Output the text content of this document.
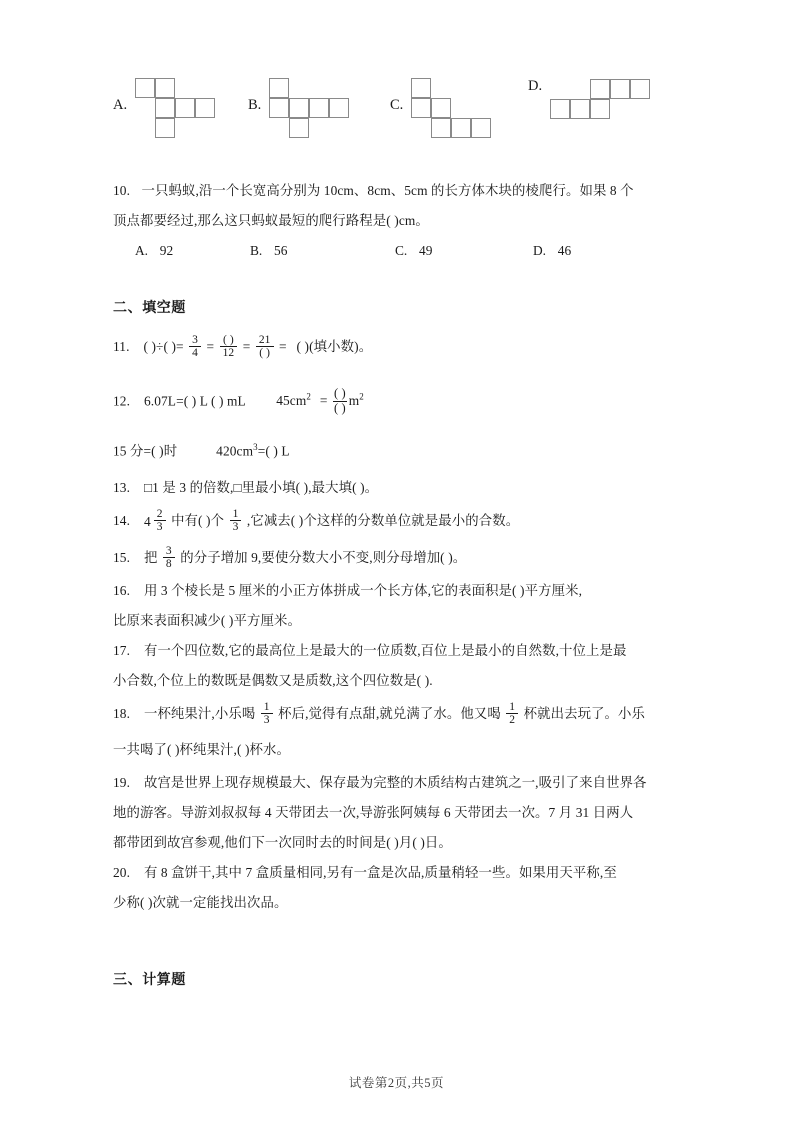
A.	B.	C.
D.
10. 一只蚂蚁,沿一个长宽高分别为 10cm、8cm、5cm 的长方体木块的棱爬行。如果 8 个
顶点都要经过,那么这只蚂蚁最短的爬行路程是( )cm。
A. 92	B. 56	C. 49	D. 46
二、填空题
11. ( )÷( )= $\frac{3}{4} = \frac{( )}{12} = \frac{21}{( )}$ = ( )(填小数)。
12. 6.07L=( ) L ( ) mL $45cm^2 = \frac{( )}{( )} m^2$
15 分=( )时	$420cm^3=$( ) L
13. □1 是 3 的倍数,□里最小填( ),最大填( )。
14. $4 \frac{2}{3}$ 中有( )个 $\frac{1}{3}$ ,它减去( )个这样的分数单位就是最小的合数。
15. 把 $\frac{3}{8}$ 的分子增加 9,要使分数大小不变,则分母增加( )。
16. 用 3 个棱长是 5 厘米的小正方体拼成一个长方体,它的表面积是( )平方厘米,
比原来表面积减少( )平方厘米。
17. 有一个四位数,它的最高位上是最大的一位质数,百位上是最小的自然数,十位上是最
小合数,个位上的数既是偶数又是质数,这个四位数是( ).
18. 一杯纯果汁,小乐喝 $\frac{1}{3}$ 杯后,觉得有点甜,就兑满了水。他又喝 $\frac{1}{2}$ 杯就出去玩了。小乐
一共喝了( )杯纯果汁,( )杯水。
19. 故宫是世界上现存规模最大、保存最为完整的木质结构古建筑之一,吸引了来自世界各
地的游客。导游刘叔叔每 4 天带团去一次,导游张阿姨每 6 天带团去一次。7 月 31 日两人
都带团到故宫参观,他们下一次同时去的时间是( )月( )日。
20. 有 8 盒饼干,其中 7 盒质量相同,另有一盒是次品,质量稍轻一些。如果用天平称,至
少称( )次就一定能找出次品。
三、计算题
试卷第2页,共5页
